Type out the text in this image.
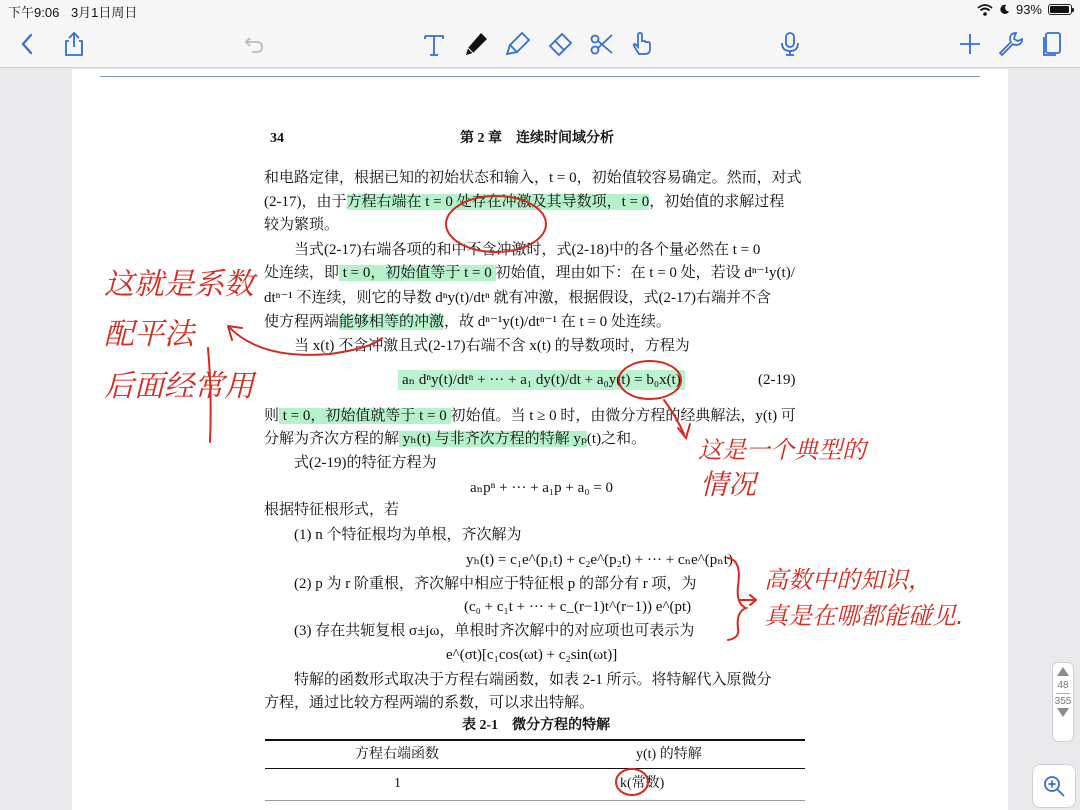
下午9:06 3月1日周日	93%
34	第 2 章　连续时间域分析
和电路定律，根据已知的初始状态和输入，t = 0，初始值较容易确定。然而，对式
(2-17)，由于方程右端在 t = 0 处存在冲激及其导数项，t = 0，初始值的求解过程
较为繁琐。
当式(2-17)右端各项的和中不含冲激时，式(2-18)中的各个量必然在 t = 0
处连续，即 t = 0，初始值等于 t = 0 初始值，理由如下：在 t = 0 处，若设 dⁿ⁻¹y(t)/
dtⁿ⁻¹ 不连续，则它的导数 dⁿy(t)/dtⁿ 就有冲激，根据假设，式(2-17)右端并不含
使方程两端能够相等的冲激，故 dⁿ⁻¹y(t)/dtⁿ⁻¹ 在 t = 0 处连续。
当 x(t) 不含冲激且式(2-17)右端不含 x(t) 的导数项时，方程为
aₙ dⁿy(t)/dtⁿ + ··· + a₁ dy(t)/dt + a₀y(t) = b₀x(t)	(2-19)
则 t = 0，初始值就等于 t = 0 初始值。当 t ≥ 0 时，由微分方程的经典解法，y(t) 可
分解为齐次方程的解 yₕ(t) 与非齐次方程的特解 yₚ(t)之和。
式(2-19)的特征方程为
aₙpⁿ + ··· + a₁p + a₀ = 0
根据特征根形式，若
(1) n 个特征根均为单根，齐次解为
yₕ(t) = c₁e^(p₁t) + c₂e^(p₂t) + ··· + cₙe^(pₙt)
(2) p 为 r 阶重根，齐次解中相应于特征根 p 的部分有 r 项，为
(c₀ + c₁t + ··· + c_(r−1)t^(r−1)) e^(pt)
(3) 存在共轭复根 σ±jω，单根时齐次解中的对应项也可表示为
e^(σt)[c₁cos(ωt) + c₂sin(ωt)]
特解的函数形式取决于方程右端函数，如表 2-1 所示。将特解代入原微分
方程，通过比较方程两端的系数，可以求出特解。
表 2-1　微分方程的特解
方程右端函数	y(t) 的特解
1	k(常数)
这就是系数
配平法
后面经常用
这是一个典型的
情况
高数中的知识，
真是在哪都能碰见.
48
355
